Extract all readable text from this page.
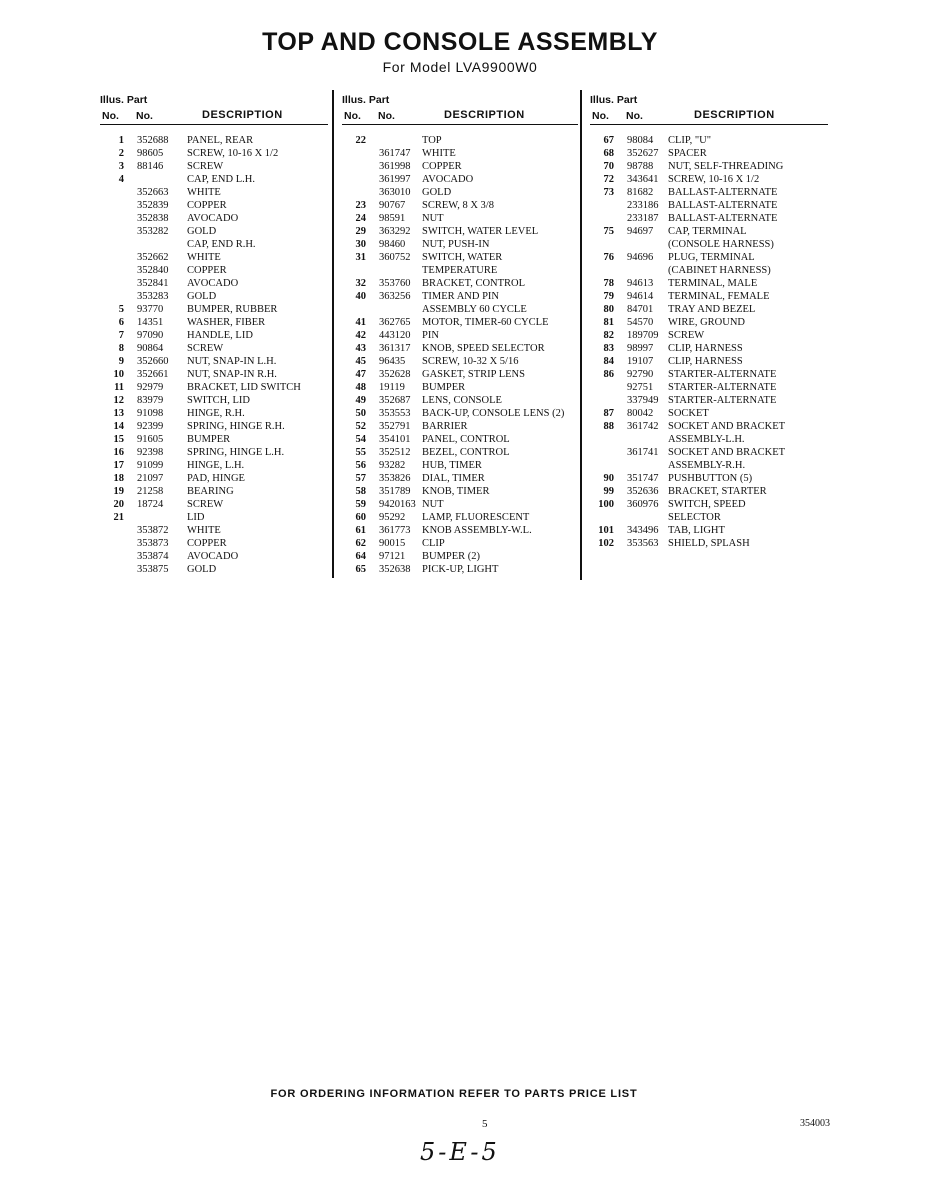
TOP AND CONSOLE ASSEMBLY
For Model LVA9900W0
Illus. Part
No. No.	DESCRIPTION
1 352688 PANEL, REAR
2 98605 SCREW, 10-16 X 1/2
3 88146 SCREW
4	CAP, END L.H.
352663 WHITE
352839 COPPER
352838 AVOCADO
353282 GOLD
CAP, END R.H.
352662 WHITE
352840 COPPER
352841 AVOCADO
353283 GOLD
5 93770 BUMPER, RUBBER
6 14351 WASHER, FIBER
7 97090 HANDLE, LID
8 90864 SCREW
9 352660 NUT, SNAP-IN L.H.
10 352661 NUT, SNAP-IN R.H.
11 92979 BRACKET, LID SWITCH
12 83979 SWITCH, LID
13 91098 HINGE, R.H.
14 92399 SPRING, HINGE R.H.
15 91605 BUMPER
16 92398 SPRING, HINGE L.H.
17 91099 HINGE, L.H.
18 21097 PAD, HINGE
19 21258 BEARING
20 18724 SCREW
21	LID
353872 WHITE
353873 COPPER
353874 AVOCADO
353875 GOLD
Illus. Part
No. No.	DESCRIPTION
22	TOP
361747 WHITE
361998 COPPER
361997 AVOCADO
363010 GOLD
23 90767 SCREW, 8 X 3/8
24 98591 NUT
29 363292 SWITCH, WATER LEVEL
30 98460 NUT, PUSH-IN
31 360752 SWITCH, WATER
TEMPERATURE
32 353760 BRACKET, CONTROL
40 363256 TIMER AND PIN
ASSEMBLY 60 CYCLE
41 362765 MOTOR, TIMER-60 CYCLE
42 443120 PIN
43 361317 KNOB, SPEED SELECTOR
45 96435 SCREW, 10-32 X 5/16
47 352628 GASKET, STRIP LENS
48 19119 BUMPER
49 352687 LENS, CONSOLE
50 353553 BACK-UP, CONSOLE LENS (2)
52 352791 BARRIER
54 354101 PANEL, CONTROL
55 352512 BEZEL, CONTROL
56 93282 HUB, TIMER
57 353826 DIAL, TIMER
58 351789 KNOB, TIMER
59 9420163 NUT
60 95292 LAMP, FLUORESCENT
61 361773 KNOB ASSEMBLY-W.L.
62 90015 CLIP
64 97121 BUMPER (2)
65 352638 PICK-UP, LIGHT
Illus. Part
No. No.	DESCRIPTION
67 98084 CLIP, "U"
68 352627 SPACER
70 98788 NUT, SELF-THREADING
72 343641 SCREW, 10-16 X 1/2
73 81682 BALLAST-ALTERNATE
233186 BALLAST-ALTERNATE
233187 BALLAST-ALTERNATE
75 94697 CAP, TERMINAL
(CONSOLE HARNESS)
76 94696 PLUG, TERMINAL
(CABINET HARNESS)
78 94613 TERMINAL, MALE
79 94614 TERMINAL, FEMALE
80 84701 TRAY AND BEZEL
81 54570 WIRE, GROUND
82 189709 SCREW
83 98997 CLIP, HARNESS
84 19107 CLIP, HARNESS
86 92790 STARTER-ALTERNATE
92751 STARTER-ALTERNATE
337949 STARTER-ALTERNATE
87 80042 SOCKET
88 361742 SOCKET AND BRACKET
ASSEMBLY-L.H.
361741 SOCKET AND BRACKET
ASSEMBLY-R.H.
90 351747 PUSHBUTTON (5)
99 352636 BRACKET, STARTER
100 360976 SWITCH, SPEED
SELECTOR
101 343496 TAB, LIGHT
102 353563 SHIELD, SPLASH
FOR ORDERING INFORMATION REFER TO PARTS PRICE LIST
5	354003
5-E-5
